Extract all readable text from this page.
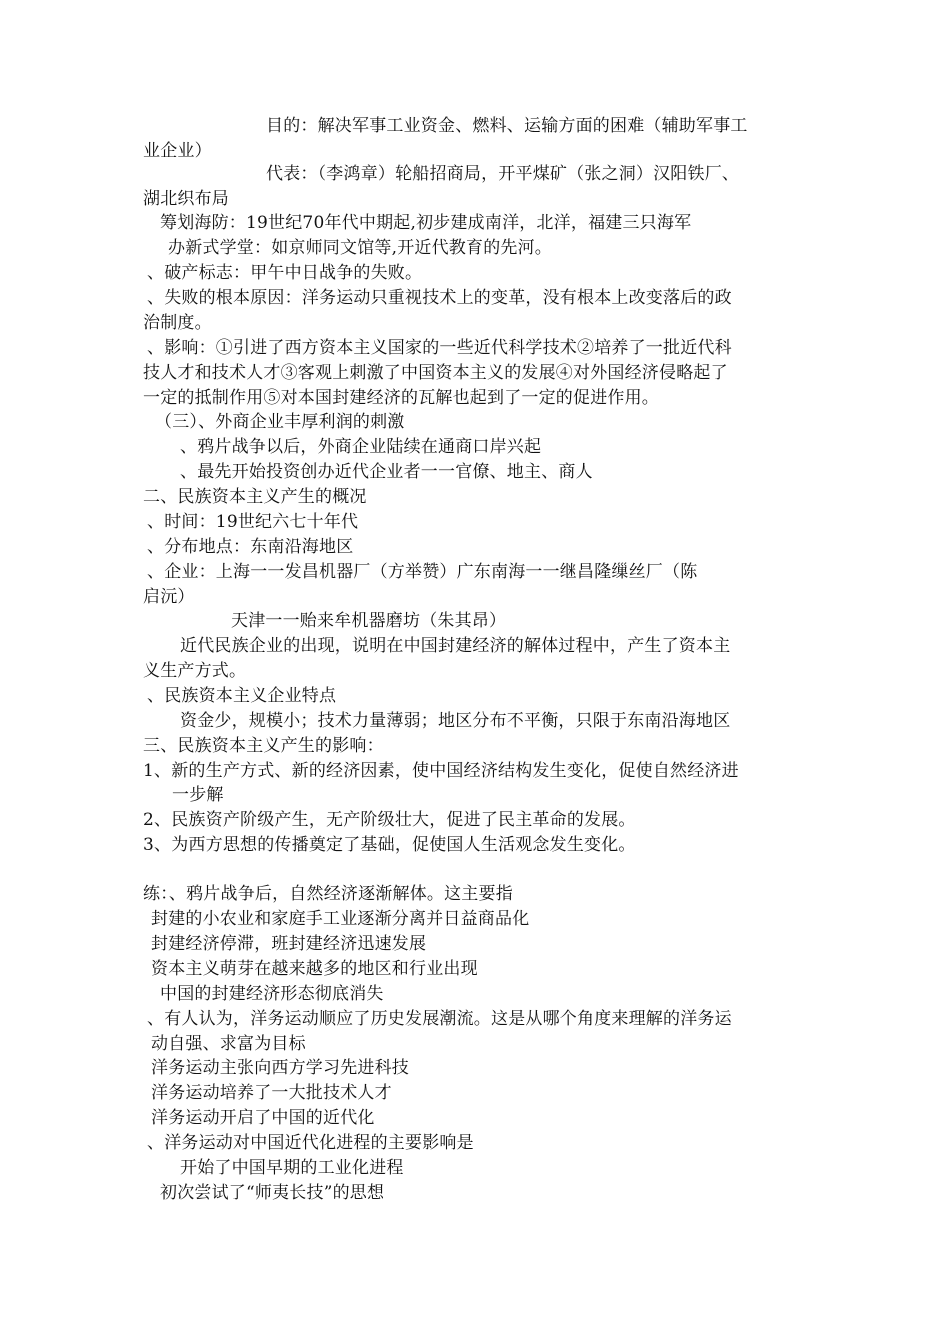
目的：解决军事工业资金、燃料、运输方面的困难（辅助军事工
业企业）
代表：（李鸿章）轮船招商局，开平煤矿（张之洞）汉阳铁厂、
湖北织布局
筹划海防：19世纪70年代中期起,初步建成南洋，北洋，福建三只海军
办新式学堂：如京师同文馆等,开近代教育的先河。
、破产标志：甲午中日战争的失败。
、失败的根本原因：洋务运动只重视技术上的变革，没有根本上改变落后的政
治制度。
、影响：①引进了西方资本主义国家的一些近代科学技术②培养了一批近代科
技人才和技术人才③客观上刺激了中国资本主义的发展④对外国经济侵略起了
一定的抵制作用⑤对本国封建经济的瓦解也起到了一定的促进作用。
（三）、外商企业丰厚利润的刺激
、鸦片战争以后，外商企业陆续在通商口岸兴起
、最先开始投资创办近代企业者一一官僚、地主、商人
二、民族资本主义产生的概况
、时间：19世纪六七十年代
、分布地点：东南沿海地区
、企业：上海一一发昌机器厂（方举赞）广东南海一一继昌隆缫丝厂（陈
启沅）
天津一一贻来牟机器磨坊（朱其昂）
近代民族企业的出现，说明在中国封建经济的解体过程中，产生了资本主
义生产方式。
、民族资本主义企业特点
资金少，规模小；技术力量薄弱；地区分布不平衡，只限于东南沿海地区
三、民族资本主义产生的影响：
1、新的生产方式、新的经济因素，使中国经济结构发生变化，促使自然经济进
一步解
2、民族资产阶级产生，无产阶级壮大，促进了民主革命的发展。
3、为西方思想的传播奠定了基础，促使国人生活观念发生变化。
练：、鸦片战争后，自然经济逐渐解体。这主要指
封建的小农业和家庭手工业逐渐分离并日益商品化
封建经济停滞，班封建经济迅速发展
资本主义萌芽在越来越多的地区和行业出现
中国的封建经济形态彻底消失
、有人认为，洋务运动顺应了历史发展潮流。这是从哪个角度来理解的洋务运
动自强、求富为目标
洋务运动主张向西方学习先进科技
洋务运动培养了一大批技术人才
洋务运动开启了中国的近代化
、洋务运动对中国近代化进程的主要影响是
开始了中国早期的工业化进程
初次尝试了“师夷长技”的思想
